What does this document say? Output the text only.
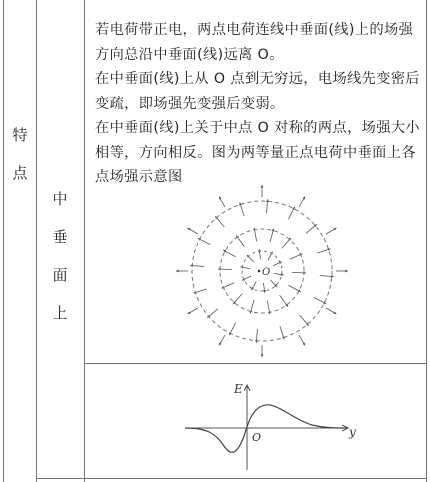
特
点
中
垂
面
上

若电荷带正电，两点电荷连线中垂面(线)上的场强方向总沿中垂面(线)远离 O。

在中垂面(线)上从 O 点到无穷远，电场线先变密后变疏，即场强先变强后变弱。

在中垂面(线)上关于中点 O 对称的两点，场强大小相等，方向相反。图为两等量正点电荷中垂面上各点场强示意图

O
E
y
O
